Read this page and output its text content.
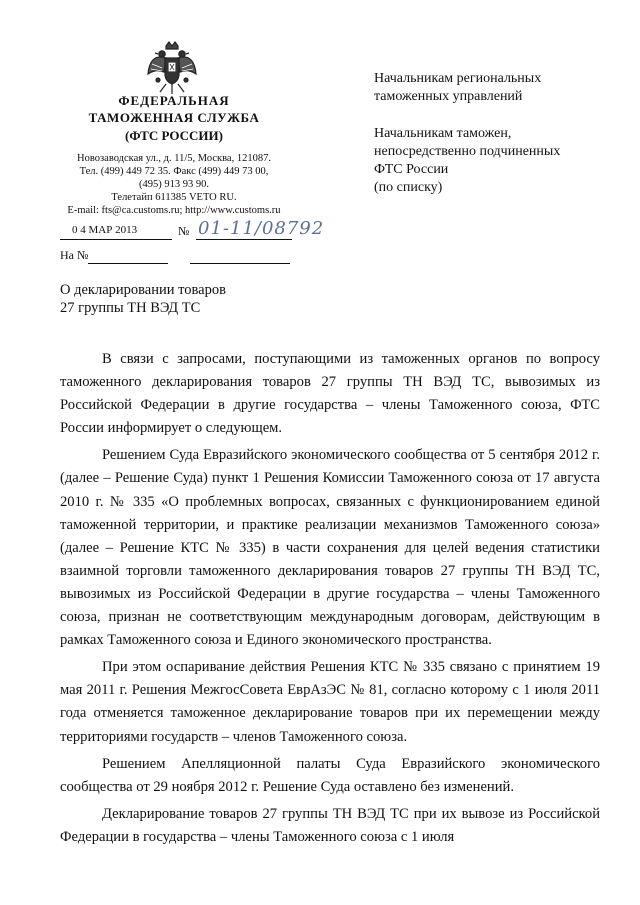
ФЕДЕРАЛЬНАЯ
ТАМОЖЕННАЯ СЛУЖБА
(ФТС РОССИИ)
Новозаводская ул., д. 11/5, Москва, 121087.
Тел. (499) 449 72 35. Факс (499) 449 73 00,
(495) 913 93 90.
Телетайп 611385 VETO RU.
E-mail: fts@ca.customs.ru; http://www.customs.ru
0 4 МАР 2013	№ 01-11/08792
На №
Начальникам региональных
таможенных управлений
Начальникам таможен,
непосредственно подчиненных
ФТС России
(по списку)
О декларировании товаров
27 группы ТН ВЭД ТС

В связи с запросами, поступающими из таможенных органов по вопросу таможенного декларирования товаров 27 группы ТН ВЭД ТС, вывозимых из Российской Федерации в другие государства – члены Таможенного союза, ФТС России информирует о следующем.

Решением Суда Евразийского экономического сообщества от 5 сентября 2012 г. (далее – Решение Суда) пункт 1 Решения Комиссии Таможенного союза от 17 августа 2010 г. № 335 «О проблемных вопросах, связанных с функционированием единой таможенной территории, и практике реализации механизмов Таможенного союза» (далее – Решение КТС № 335) в части сохранения для целей ведения статистики взаимной торговли таможенного декларирования товаров 27 группы ТН ВЭД ТС, вывозимых из Российской Федерации в другие государства – члены Таможенного союза, признан не соответствующим международным договорам, действующим в рамках Таможенного союза и Единого экономического пространства.

При этом оспаривание действия Решения КТС № 335 связано с принятием 19 мая 2011 г. Решения МежгосСовета ЕврАзЭС № 81, согласно которому с 1 июля 2011 года отменяется таможенное декларирование товаров при их перемещении между территориями государств – членов Таможенного союза.

Решением Апелляционной палаты Суда Евразийского экономического сообщества от 29 ноября 2012 г. Решение Суда оставлено без изменений.

Декларирование товаров 27 группы ТН ВЭД ТС при их вывозе из Российской Федерации в государства – члены Таможенного союза с 1 июля
